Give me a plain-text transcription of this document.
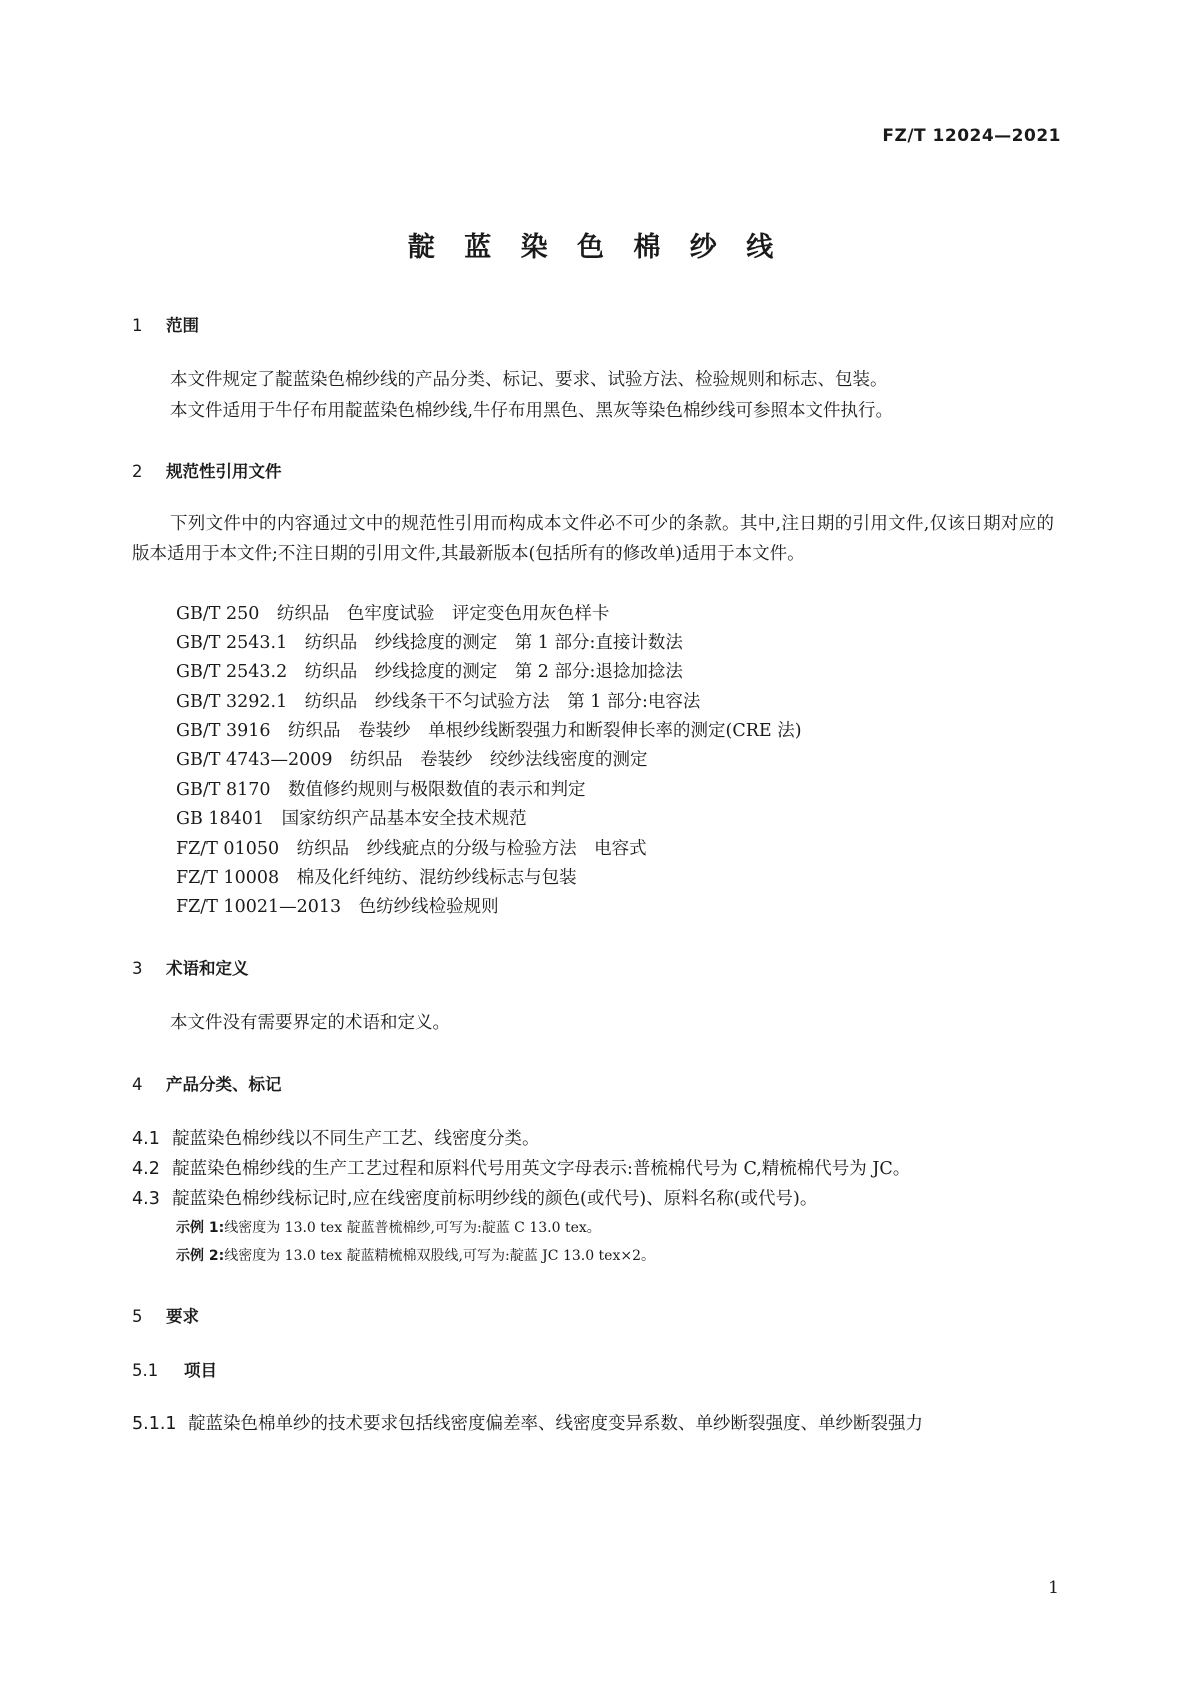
FZ/T 12024—2021
靛 蓝 染 色 棉 纱 线
1 范围
本文件规定了靛蓝染色棉纱线的产品分类、标记、要求、试验方法、检验规则和标志、包装。
本文件适用于牛仔布用靛蓝染色棉纱线,牛仔布用黑色、黑灰等染色棉纱线可参照本文件执行。
2 规范性引用文件
下列文件中的内容通过文中的规范性引用而构成本文件必不可少的条款。其中,注日期的引用文件,仅该日期对应的版本适用于本文件;不注日期的引用文件,其最新版本(包括所有的修改单)适用于本文件。
GB/T 250　纺织品　色牢度试验　评定变色用灰色样卡
GB/T 2543.1　纺织品　纱线捻度的测定　第 1 部分:直接计数法
GB/T 2543.2　纺织品　纱线捻度的测定　第 2 部分:退捻加捻法
GB/T 3292.1　纺织品　纱线条干不匀试验方法　第 1 部分:电容法
GB/T 3916　纺织品　卷装纱　单根纱线断裂强力和断裂伸长率的测定(CRE 法)
GB/T 4743—2009　纺织品　卷装纱　绞纱法线密度的测定
GB/T 8170　数值修约规则与极限数值的表示和判定
GB 18401　国家纺织产品基本安全技术规范
FZ/T 01050　纺织品　纱线疵点的分级与检验方法　电容式
FZ/T 10008　棉及化纤纯纺、混纺纱线标志与包装
FZ/T 10021—2013　色纺纱线检验规则
3 术语和定义
本文件没有需要界定的术语和定义。
4 产品分类、标记
4.1 靛蓝染色棉纱线以不同生产工艺、线密度分类。
4.2 靛蓝染色棉纱线的生产工艺过程和原料代号用英文字母表示:普梳棉代号为 C,精梳棉代号为 JC。
4.3 靛蓝染色棉纱线标记时,应在线密度前标明纱线的颜色(或代号)、原料名称(或代号)。
示例 1:线密度为 13.0 tex 靛蓝普梳棉纱,可写为:靛蓝 C 13.0 tex。
示例 2:线密度为 13.0 tex 靛蓝精梳棉双股线,可写为:靛蓝 JC 13.0 tex×2。
5 要求
5.1 项目
5.1.1 靛蓝染色棉单纱的技术要求包括线密度偏差率、线密度变异系数、单纱断裂强度、单纱断裂强力
1
